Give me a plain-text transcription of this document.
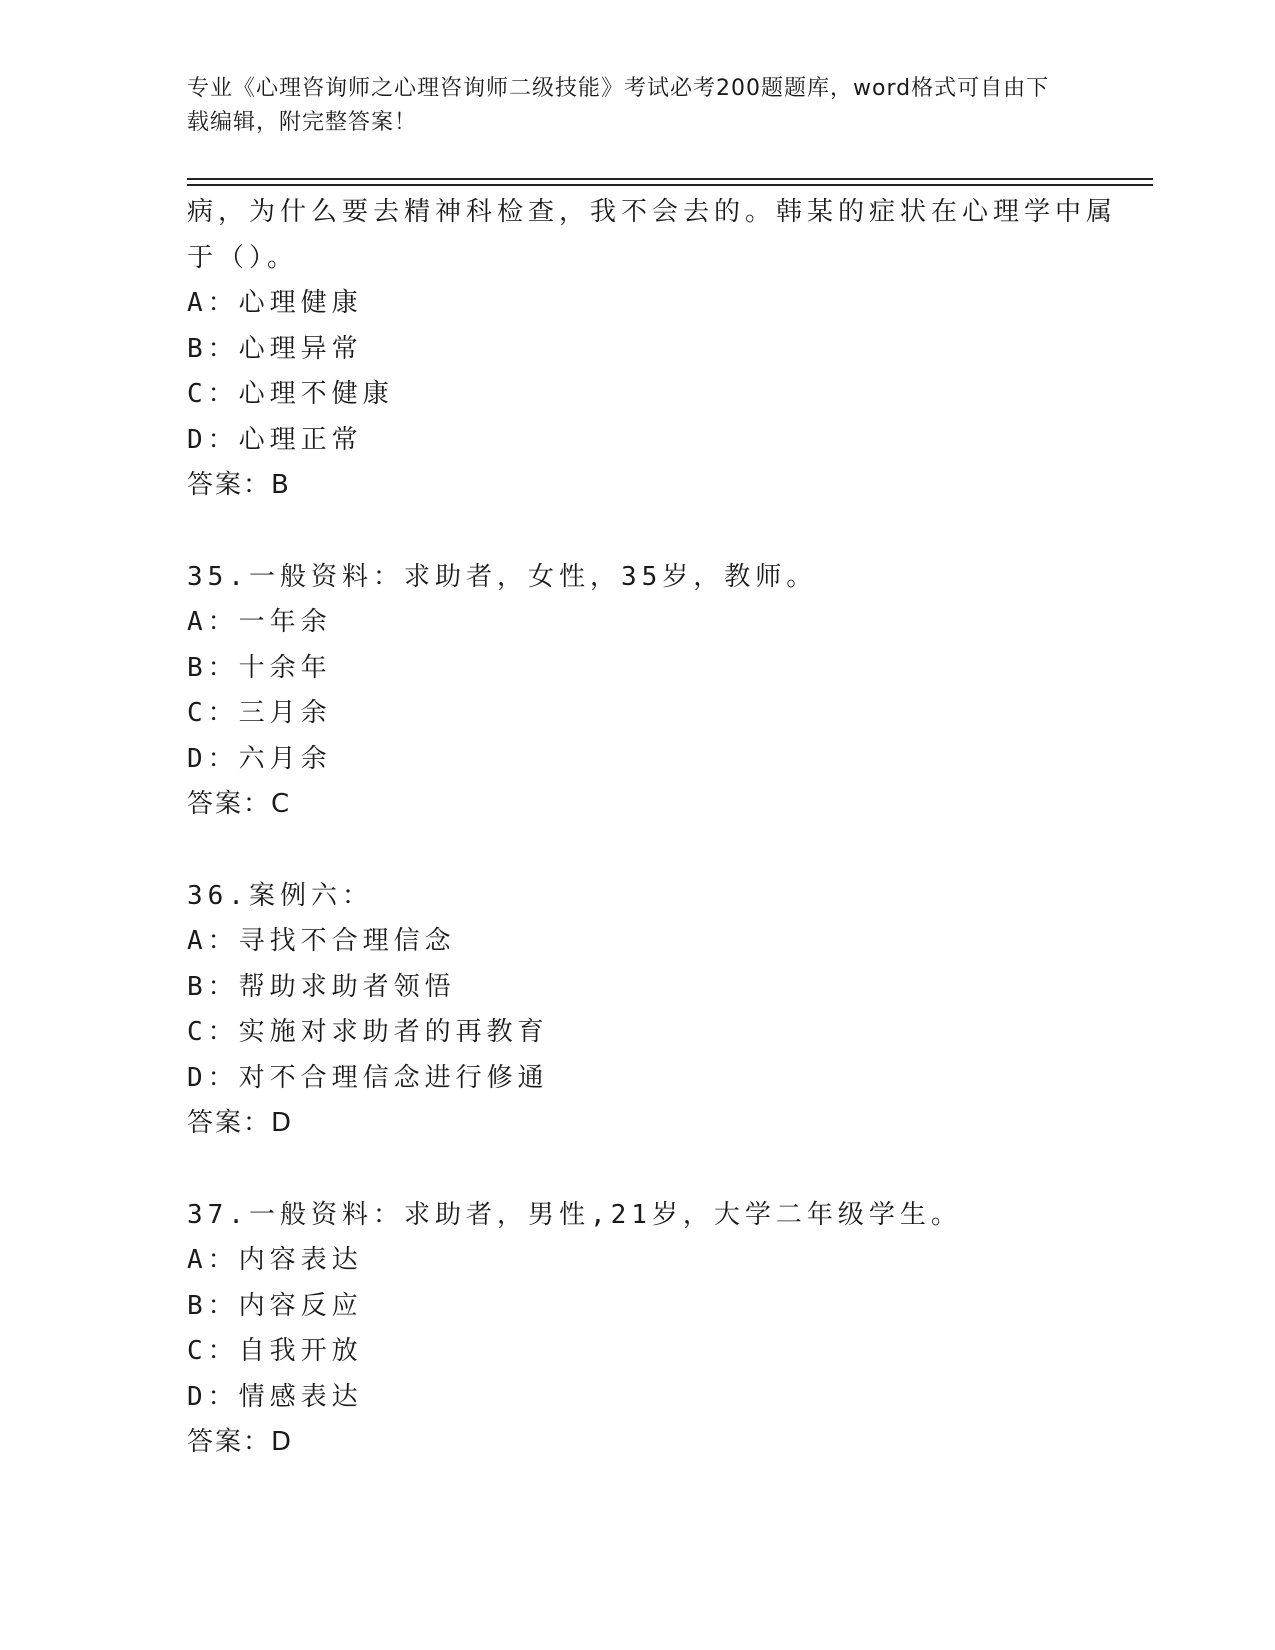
专业《心理咨询师之心理咨询师二级技能》考试必考200题题库，word格式可自由下载编辑，附完整答案！
病，为什么要去精神科检查，我不会去的。韩某的症状在心理学中属
于（）。
A：心理健康
B：心理异常
C：心理不健康
D：心理正常
答案：B
35.一般资料：求助者，女性，35岁，教师。
A：一年余
B：十余年
C：三月余
D：六月余
答案：C
36.案例六：
A：寻找不合理信念
B：帮助求助者领悟
C：实施对求助者的再教育
D：对不合理信念进行修通
答案：D
37.一般资料：求助者，男性,21岁，大学二年级学生。
A：内容表达
B：内容反应
C：自我开放
D：情感表达
答案：D
